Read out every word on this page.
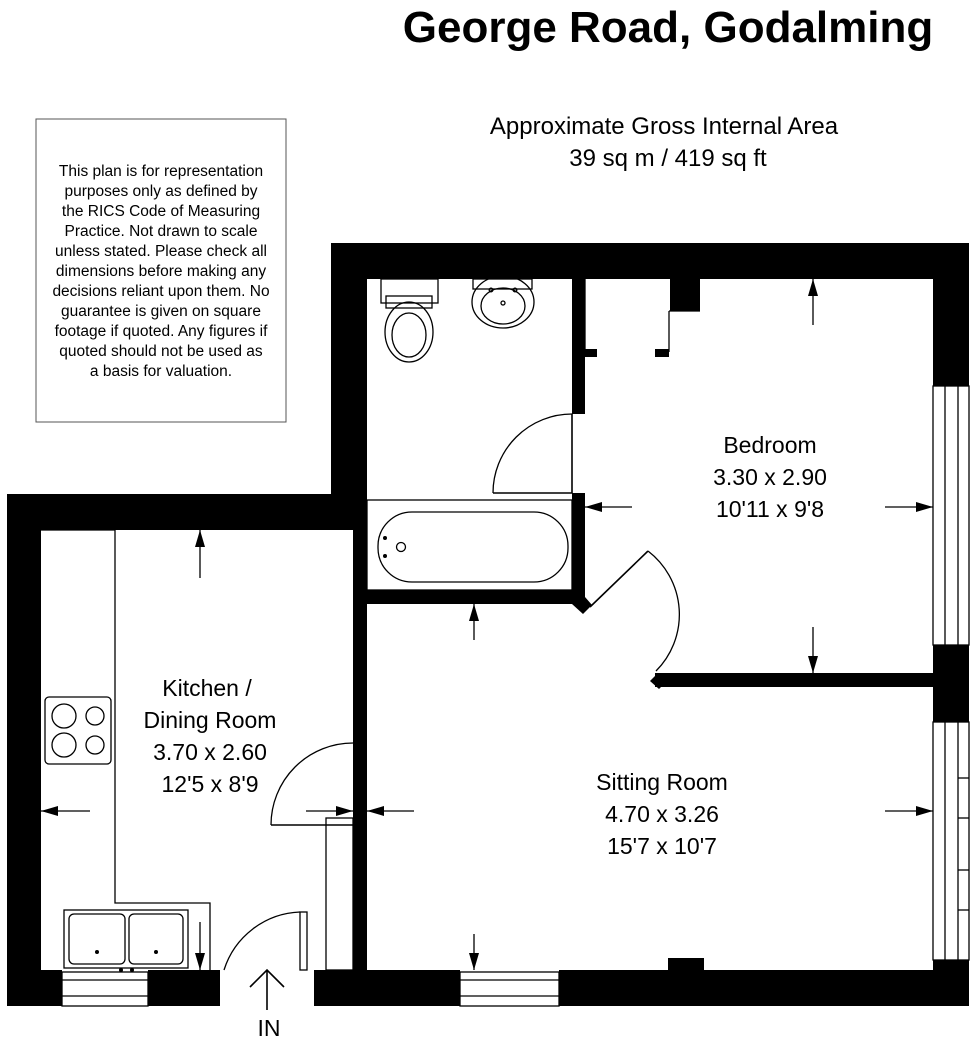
George Road, Godalming
Approximate Gross Internal Area
39 sq m / 419 sq ft
This plan is for representation
purposes only as defined by
the RICS Code of Measuring
Practice. Not drawn to scale
unless stated. Please check all
dimensions before making any
decisions reliant upon them. No
guarantee is given on square
footage if quoted. Any figures if
quoted should not be used as
a basis for valuation.
IN
Bedroom
3.30 x 2.90
10'11 x 9'8
Kitchen /
Dining Room
3.70 x 2.60
12'5 x 8'9	Sitting Room
4.70 x 3.26
15'7 x 10'7
